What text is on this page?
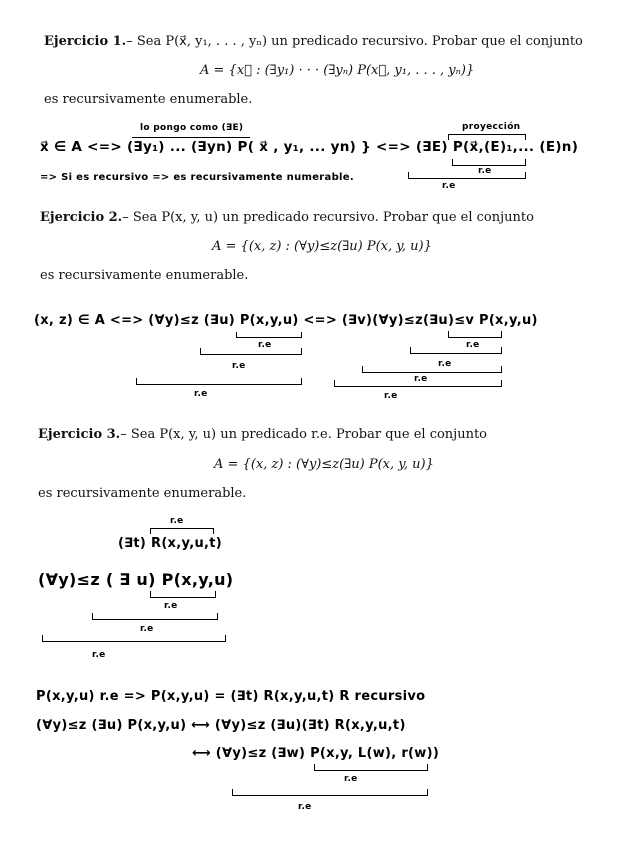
Ejercicio 1.– Sea P(x⃗, y₁, . . . , yₙ) un predicado recursivo. Probar que el conjunto
A = {x⃗ : (∃y₁) · · · (∃yₙ) P(x⃗, y₁, . . . , yₙ)}
es recursivamente enumerable.
lo pongo como (∃E)	proyección
x⃗ ∈ A <=> (∃y₁) ... (∃yn) P( x⃗ , y₁, ... yn) } <=> (∃E) P(x⃗,(E)₁,... (E)n)
r.e
=> Si es recursivo => es recursivamente numerable.
r.e
Ejercicio 2.– Sea P(x, y, u) un predicado recursivo. Probar que el conjunto
A = {(x, z) : (∀y)≤z(∃u) P(x, y, u)}
es recursivamente enumerable.
(x, z) ∈ A <=> (∀y)≤z (∃u) P(x,y,u) <=> (∃v)(∀y)≤z(∃u)≤v P(x,y,u)
r.e	r.e
r.e	r.e
r.e
r.e	r.e
Ejercicio 3.– Sea P(x, y, u) un predicado r.e. Probar que el conjunto
A = {(x, z) : (∀y)≤z(∃u) P(x, y, u)}
es recursivamente enumerable.
r.e
(∃t) R(x,y,u,t)
(∀y)≤z ( ∃ u) P(x,y,u)
r.e
r.e
r.e
P(x,y,u) r.e => P(x,y,u) = (∃t) R(x,y,u,t) R recursivo
(∀y)≤z (∃u) P(x,y,u) ⟷ (∀y)≤z (∃u)(∃t) R(x,y,u,t)
⟷ (∀y)≤z (∃w) P(x,y, L(w), r(w))
r.e
r.e
